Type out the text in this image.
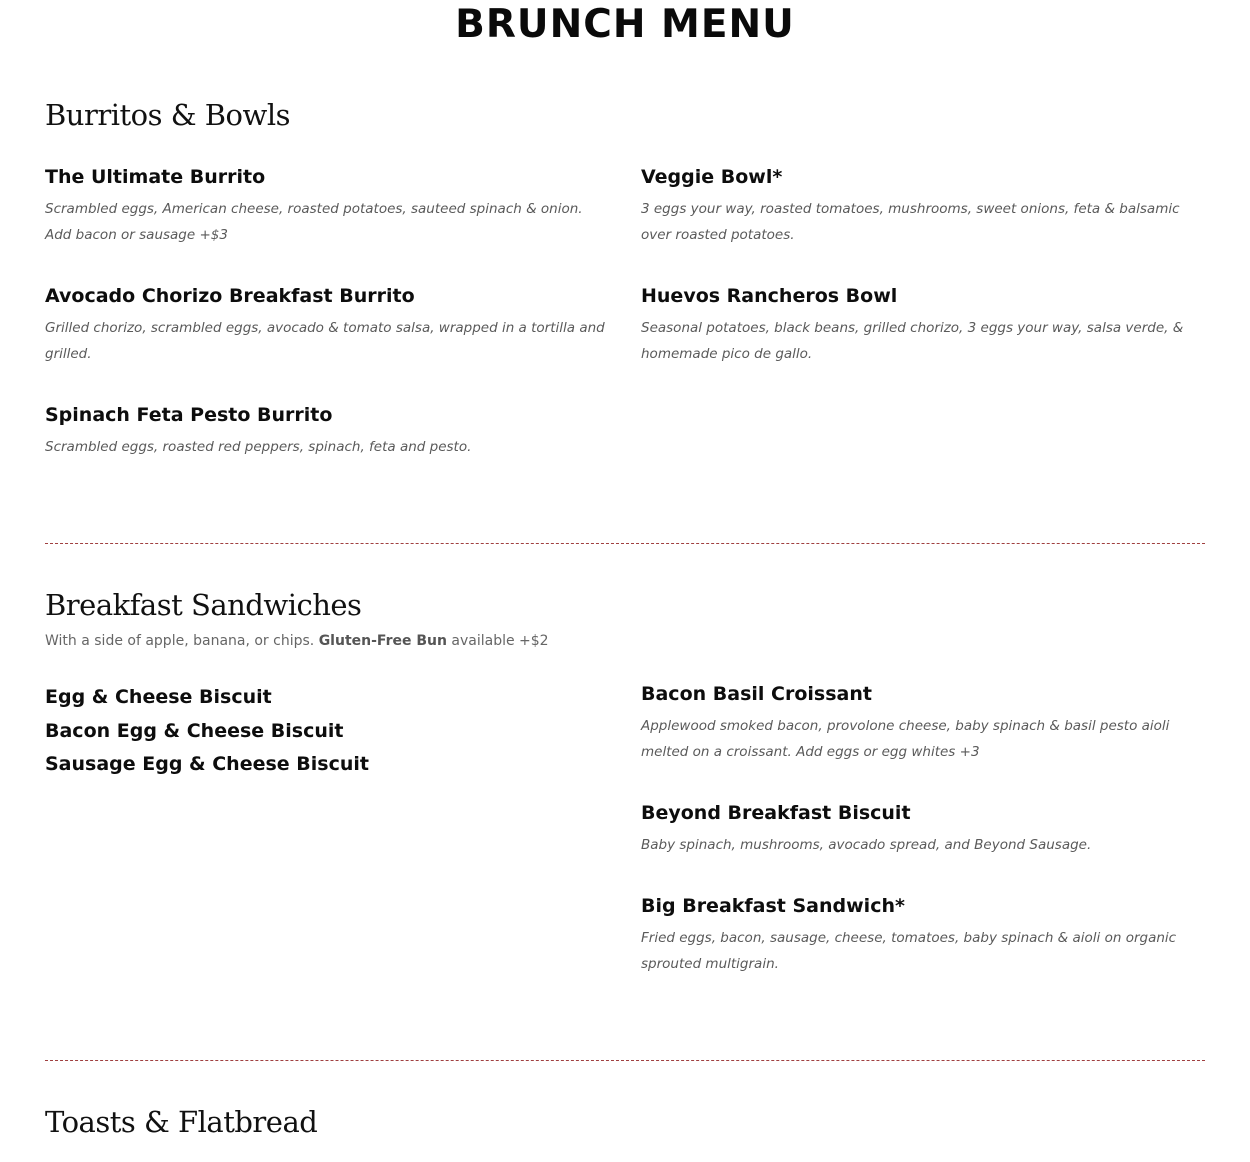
BRUNCH MENU
Burritos & Bowls
The Ultimate Burrito

Scrambled eggs, American cheese, roasted potatoes, sauteed spinach & onion. Add bacon or sausage +$3

Veggie Bowl*

3 eggs your way, roasted tomatoes, mushrooms, sweet onions, feta & balsamic over roasted potatoes.

Avocado Chorizo Breakfast Burrito

Grilled chorizo, scrambled eggs, avocado & tomato salsa, wrapped in a tortilla and grilled.

Huevos Rancheros Bowl

Seasonal potatoes, black beans, grilled chorizo, 3 eggs your way, salsa verde, & homemade pico de gallo.

Spinach Feta Pesto Burrito

Scrambled eggs, roasted red peppers, spinach, feta and pesto.

Breakfast Sandwiches

With a side of apple, banana, or chips. Gluten-Free Bun available +$2

Egg & Cheese Biscuit
Bacon Egg & Cheese Biscuit
Sausage Egg & Cheese Biscuit
Bacon Basil Croissant

Applewood smoked bacon, provolone cheese, baby spinach & basil pesto aioli melted on a croissant. Add eggs or egg whites +3

Beyond Breakfast Biscuit

Baby spinach, mushrooms, avocado spread, and Beyond Sausage.

Big Breakfast Sandwich*

Fried eggs, bacon, sausage, cheese, tomatoes, baby spinach & aioli on organic sprouted multigrain.

Toasts & Flatbread
